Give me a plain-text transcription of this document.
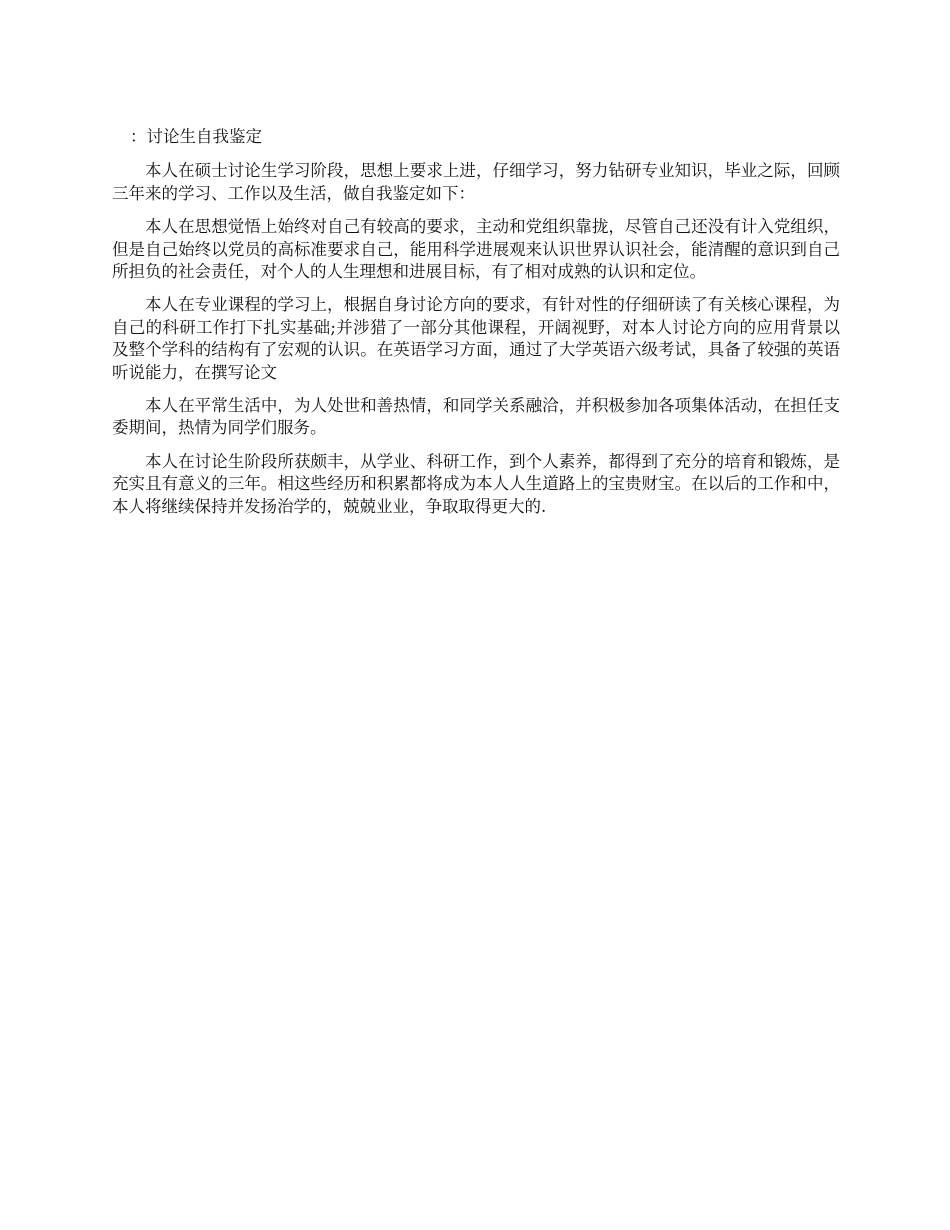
：讨论生自我鉴定

本人在硕士讨论生学习阶段，思想上要求上进，仔细学习，努力钻研专业知识，毕业之际，回顾三年来的学习、工作以及生活，做自我鉴定如下：

本人在思想觉悟上始终对自己有较高的要求，主动和党组织靠拢，尽管自己还没有计入党组织，但是自己始终以党员的高标准要求自己，能用科学进展观来认识世界认识社会，能清醒的意识到自己所担负的社会责任，对个人的人生理想和进展目标，有了相对成熟的认识和定位。

本人在专业课程的学习上，根据自身讨论方向的要求，有针对性的仔细研读了有关核心课程，为自己的科研工作打下扎实基础;并涉猎了一部分其他课程，开阔视野，对本人讨论方向的应用背景以及整个学科的结构有了宏观的认识。在英语学习方面，通过了大学英语六级考试，具备了较强的英语听说能力，在撰写论文

本人在平常生活中，为人处世和善热情，和同学关系融洽，并积极参加各项集体活动，在担任支委期间，热情为同学们服务。

本人在讨论生阶段所获颇丰，从学业、科研工作，到个人素养，都得到了充分的培育和锻炼，是充实且有意义的三年。相这些经历和积累都将成为本人人生道路上的宝贵财宝。在以后的工作和中，本人将继续保持并发扬治学的，兢兢业业，争取取得更大的.
